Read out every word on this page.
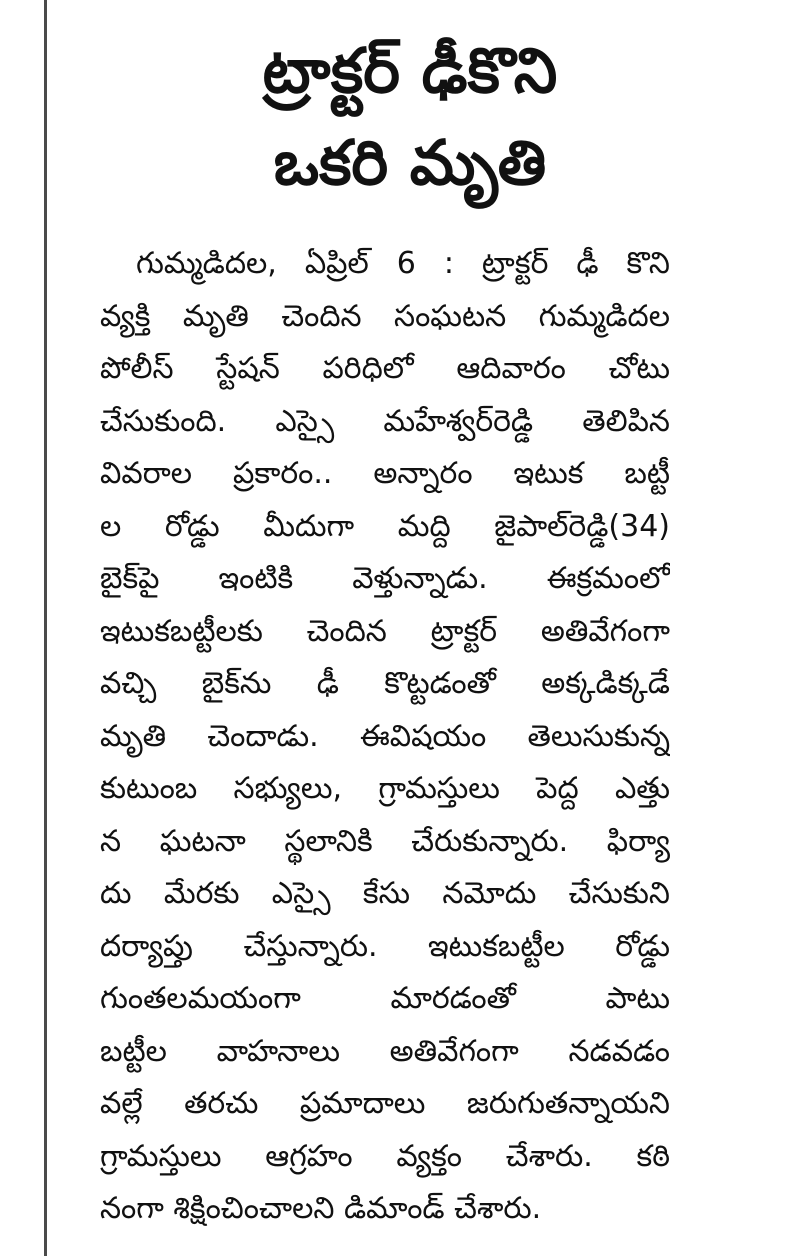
ట్రాక్టర్ ఢీకొని
ఒకరి మృతి
గుమ్మడిదల, ఏప్రిల్ 6 : ట్రాక్టర్ ఢీ కొని
వ్యక్తి మృతి చెందిన సంఘటన గుమ్మడిదల
పోలీస్ స్టేషన్ పరిధిలో ఆదివారం చోటు
చేసుకుంది. ఎస్సై మహేశ్వర్‌రెడ్డి తెలిపిన
వివరాల ప్రకారం.. అన్నారం ఇటుక బట్టీ
ల రోడ్డు మీదుగా మద్ది జైపాల్‌రెడ్డి(34)
బైక్‌పై ఇంటికి వెళ్తున్నాడు. ఈక్రమంలో
ఇటుకబట్టీలకు చెందిన ట్రాక్టర్ అతివేగంగా
వచ్చి బైక్‌ను ఢీ కొట్టడంతో అక్కడిక్కడే
మృతి చెందాడు. ఈవిషయం తెలుసుకున్న
కుటుంబ సభ్యులు, గ్రామస్తులు పెద్ద ఎత్తు
న ఘటనా స్థలానికి చేరుకున్నారు. ఫిర్యా
దు మేరకు ఎస్సై కేసు నమోదు చేసుకుని
దర్యాప్తు చేస్తున్నారు. ఇటుకబట్టీల రోడ్డు
గుంతలమయంగా మారడంతో పాటు
బట్టీల వాహనాలు అతివేగంగా నడవడం
వల్లే తరచు ప్రమాదాలు జరుగుతన్నాయని
గ్రామస్తులు ఆగ్రహం వ్యక్తం చేశారు. కఠి
నంగా శిక్షించించాలని డిమాండ్ చేశారు.
